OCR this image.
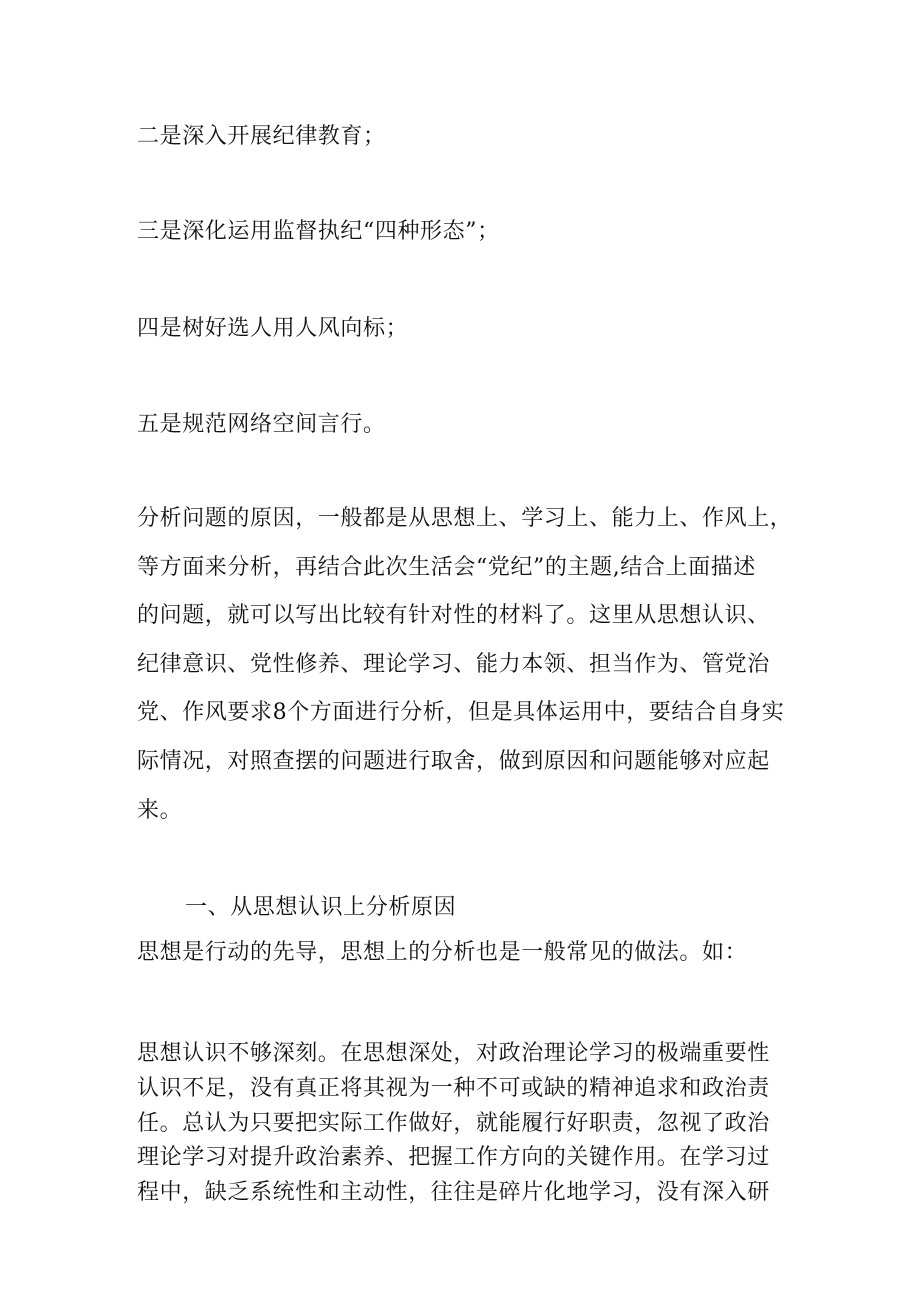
二是深入开展纪律教育；
三是深化运用监督执纪“四种形态”；
四是树好选人用人风向标；
五是规范网络空间言行。

分析问题的原因，一般都是从思想上、学习上、能力上、作风上，
等方面来分析，再结合此次生活会“党纪”的主题,结合上面描述
的问题，就可以写出比较有针对性的材料了。这里从思想认识、
纪律意识、党性修养、理论学习、能力本领、担当作为、管党治
党、作风要求8个方面进行分析，但是具体运用中，要结合自身实
际情况，对照查摆的问题进行取舍，做到原因和问题能够对应起
来。

一、从思想认识上分析原因
思想是行动的先导，思想上的分析也是一般常见的做法。如：

思想认识不够深刻。在思想深处，对政治理论学习的极端重要性
认识不足，没有真正将其视为一种不可或缺的精神追求和政治责
任。总认为只要把实际工作做好，就能履行好职责，忽视了政治
理论学习对提升政治素养、把握工作方向的关键作用。在学习过
程中，缺乏系统性和主动性，往往是碎片化地学习，没有深入研
